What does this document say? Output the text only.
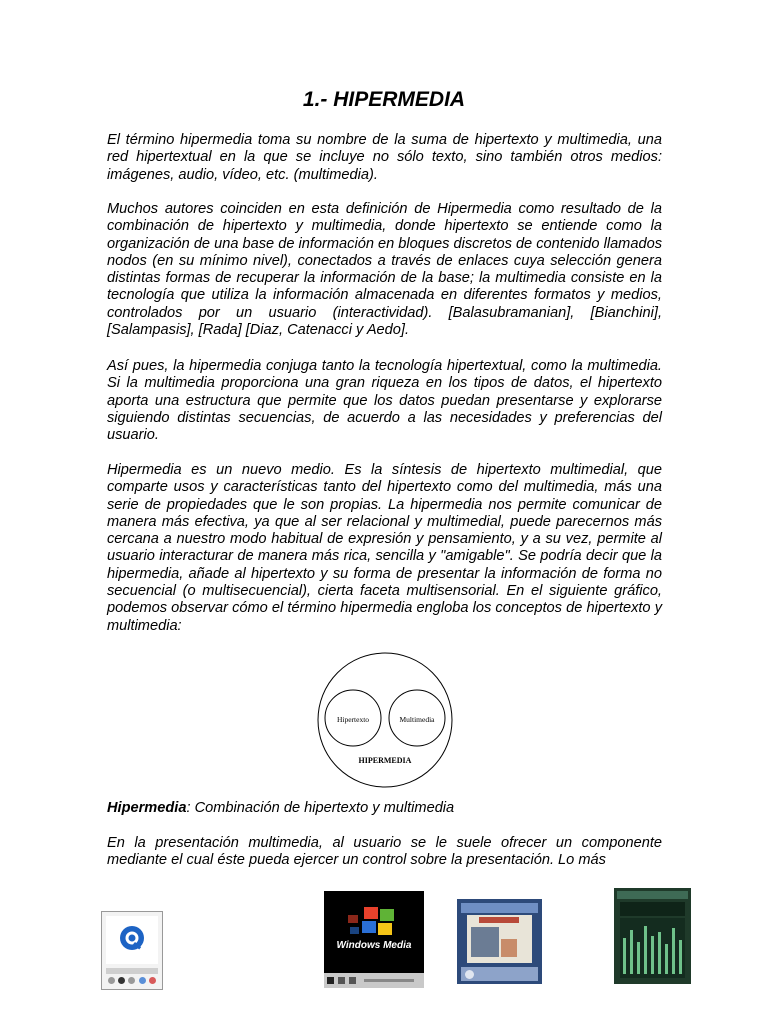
1.- HIPERMEDIA

El término hipermedia toma su nombre de la suma de hipertexto y multimedia, una red hipertextual en la que se incluye no sólo texto, sino también otros medios: imágenes, audio, vídeo, etc. (multimedia).

Muchos autores coinciden en esta definición de Hipermedia como resultado de la combinación de hipertexto y multimedia, donde hipertexto se entiende como la organización de una base de información en bloques discretos de contenido llamados nodos (en su mínimo nivel), conectados a través de enlaces cuya selección genera distintas formas de recuperar la información de la base; la multimedia consiste en la tecnología que utiliza la información almacenada en diferentes formatos y medios, controlados por un usuario (interactividad). [Balasubramanian], [Bianchini], [Salampasis], [Rada] [Diaz, Catenacci y Aedo].

Así pues, la hipermedia conjuga tanto la tecnología hipertextual, como la multimedia. Si la multimedia proporciona una gran riqueza en los tipos de datos, el hipertexto aporta una estructura que permite que los datos puedan presentarse y explorarse siguiendo distintas secuencias, de acuerdo a las necesidades y preferencias del usuario.

Hipermedia es un nuevo medio. Es la síntesis de hipertexto multimedial, que comparte usos y características tanto del hipertexto como del multimedia, más una serie de propiedades que le son propias. La hipermedia nos permite comunicar de manera más efectiva, ya que al ser relacional y multimedial, puede parecernos más cercana a nuestro modo habitual de expresión y pensamiento, y a su vez, permite al usuario interacturar de manera más rica, sencilla y "amigable". Se podría decir que la hipermedia, añade al hipertexto y su forma de presentar la información de forma no secuencial (o multisecuencial), cierta faceta multisensorial. En el siguiente gráfico, podemos observar cómo el término hipermedia engloba los conceptos de hipertexto y multimedia:

Hipertexto	Multimedia
HIPERMEDIA

Hipermedia: Combinación de hipertexto y multimedia

En la presentación multimedia, al usuario se le suele ofrecer un componente mediante el cual éste pueda ejercer un control sobre la presentación. Lo más

Windows Media
